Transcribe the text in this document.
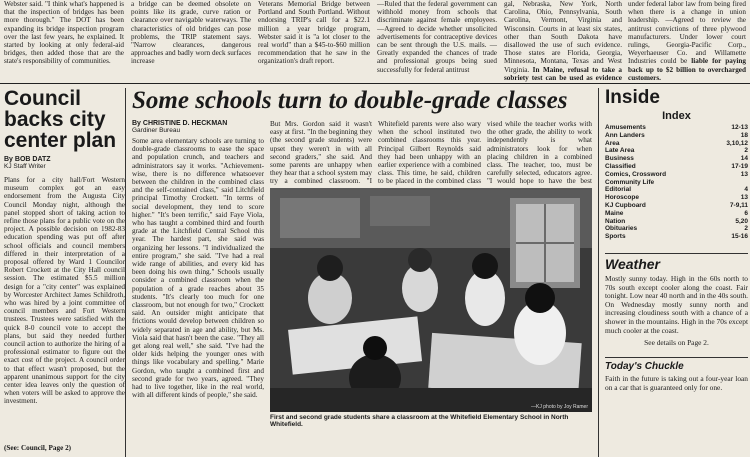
Webster said. "I think what's happened is that the inspection of bridges has been more thorough." The DOT has been expanding its bridge inspection program over the last few years, he explained. It started by looking at only federal-aid bridges, then added those that are the state's responsibility of communities.
a bridge can be deemed obsolete on points like its grade, curve ration or clearance over navigable waterways. The characteristics of old bridges can pose problems, the TRIP statement says. "Narrow clearances, dangerous approaches and badly worn deck surfaces increase
Veterans Memorial Bridge between Portland and South Portland. Without endorsing TRIP's call for a $22.1 million a year bridge program, Webster said it is "a lot closer to the real world" than a $45-to-$60 million recommendation that he saw in the organization's draft report.
—Ruled that the federal government can withhold money from schools that discriminate against female employees. —Agreed to decide whether unsolicited advertisements for contraceptive devices can be sent through the U.S. mails. —Greatly expanded the chances of trade and professional groups being sued successfully for federal antitrust
gal, Nebraska, New York, North Carolina, Ohio, Pennsylvania, South Carolina, Vermont, Virginia and Wisconsin. Courts in at least six states, other than South Dakota have disallowed the use of such evidence. Those states are Florida, Georgia, Minnesota, Montana, Texas and West Virginia. In Maine, refusal to take a sobriety test can be used as evidence
under federal labor law from being fired when there is a change in union leadership. —Agreed to review the antitrust convictions of three plywood manufacturers. Under lower court rulings, Georgia-Pacific Corp., Weyerhaeuser Co. and Willamette Industries could be liable for paying back up to $2 billion to overcharged customers.
Council backs city center plan
By BOB DATZ
KJ Staff Writer
Plans for a city hall/Fort Western museum complex got an easy endorsement from the Augusta City Council Monday night, although the panel stopped short of taking action to refine those plans for a public vote on the project. A possible decision on 1982-83 education spending was put off after school officials and council members differed in their interpretation of a proposal offered by Ward 1 Councilor Robert Crockett at the City Hall council session. The estimated $5.5 million design for a "city center" was explained by Worcester Architect James Schildroth, who was hired by a joint committee of council members and Fort Western trustees. Trustees were satisfied with the quick 8-0 council vote to accept the plans, but said they needed further council action to authorize the hiring of a professional estimator to figure out the exact cost of the project. A council order to that effect wasn't proposed, but the apparent unanimous support for the city center idea leaves only the question of when voters will be asked to approve the investment.
(See: Council, Page 2)
Some schools turn to double-grade classes
By CHRISTINE D. HECKMAN
Gardiner Bureau
Some area elementary schools are turning to double-grade classrooms to ease the space and population crunch, and teachers and administrators say it works. "Achievement-wise, there is no difference whatsoever between the children in the combined class and the self-contained class," said Litchfield principal Timothy Crockett. "In terms of social development, they tend to score higher." "It's been terrific," said Faye Viola, who has taught a combined third and fourth grade at the Litchfield Central School this year. The hardest part, she said was organizing her lessons. "I individualized the entire program," she said. "I've had a real wide range of abilities, and every kid has been doing his own thing." Schools usually consider a combined classroom when the population of a grade reaches about 35 students. "It's clearly too much for one classroom, but not enough for two," Crockett said. An outsider might anticipate that frictions would develop between children so widely separated in age and ability, but Ms. Viola said that hasn't been the case. "They all get along real well," she said. "I've had the older kids helping the younger ones with things like vocabulary and spelling." Marie Gordon, who taught a combined first and second grade for two years, agreed. "They had to live together, like in the real world, with all different kinds of people," she said.
But Mrs. Gordon said it wasn't easy at first. "In the beginning they (the second grade students) were upset they weren't in with all second graders," she said. And some parents are unhappy when they hear that a school system may try a combined classroom. "I
Whitefield parents were also wary when the school instituted two combined classrooms this year. Principal Gilbert Reynolds said they had been unhappy with an earlier experience with a combined class. This time, he said, children to be placed in the combined class
vised while the teacher works with the other grade, the ability to work independently is what administrators look for when placing children in a combined class. The teacher, too, must be carefully selected, educators agree. "I would hope to have the best
—KJ photo by Joy Ramer
First and second grade students share a classroom at the Whitefield Elementary School in North Whitefield.
Inside
Index
Amusements	12-13
Ann Landers	18
Area	3,10,12
Late Area	2
Business	14
Classified	17-19
Comics, Crossword	13
Community Life
Editorial	4
Horoscope	13
KJ Cupboard	7-9,11
Maine	6
Nation	5,20
Obituaries	2
Sports	15-16
Weather
Mostly sunny today. High in the 60s north to 70s south except cooler along the coast. Fair tonight. Low near 40 north and in the 40s south. On Wednesday mostly sunny north and increasing cloudiness south with a chance of a shower in the mountains. High in the 70s except much cooler at the coast.
See details on Page 2.
Today's Chuckle
Faith in the future is taking out a four-year loan on a car that is guaranteed only for one.
